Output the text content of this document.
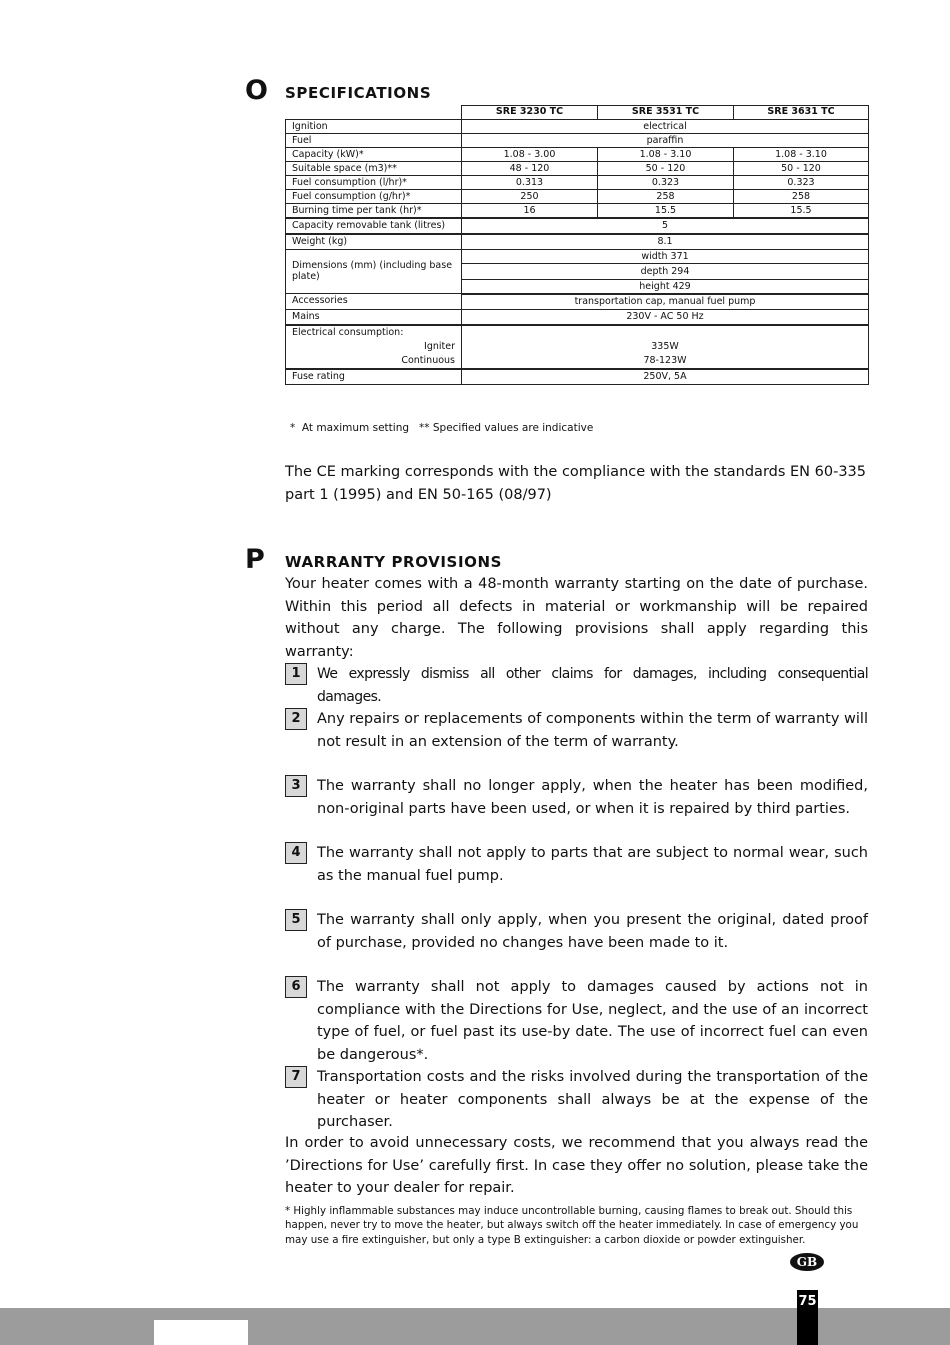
O SPECIFICATIONS
	SRE 3230 TC	SRE 3531 TC	SRE 3631 TC
Ignition	electrical		
Fuel	paraffin		
Capacity (kW)*	1.08 - 3.00	1.08 - 3.10	1.08 - 3.10
Suitable space (m3)**	48 - 120	50 - 120	50 - 120
Fuel consumption (l/hr)*	0.313	0.323	0.323
Fuel consumption (g/hr)*	250	258	258
Burning time per tank (hr)*	16	15.5	15.5
Capacity removable tank (litres)	5		
Weight (kg)	8.1		
Dimensions (mm) (including base plate)	width 371		
	depth 294		
	height 429		
Accessories	transportation cap, manual fuel pump		
Mains	230V - AC 50 Hz		
Electrical consumption:			
Igniter	335W		
Continuous	78-123W		
Fuse rating	250V, 5A		
*  At maximum setting   ** Specified values are indicative
The CE marking corresponds with the compliance with the standards EN 60-335 part 1 (1995) and EN 50-165 (08/97)
P WARRANTY PROVISIONS
Your heater comes with a 48-month warranty starting on the date of purchase. Within this period all defects in material or workmanship will be repaired without any charge. The following provisions shall apply regarding this warranty:
1	We expressly dismiss all other claims for damages, including consequential damages.
2	Any repairs or replacements of components within the term of warranty will not result in an extension of the term of warranty.
3	The warranty shall no longer apply, when the heater has been modified, non-original parts have been used, or when it is repaired by third parties.
4	The warranty shall not apply to parts that are subject to normal wear, such as the manual fuel pump.
5	The warranty shall only apply, when you present the original, dated proof of purchase, provided no changes have been made to it.
6	The warranty shall not apply to damages caused by actions not in compliance with the Directions for Use, neglect, and the use of an incorrect type of fuel, or fuel past its use-by date. The use of incorrect fuel can even be dangerous*.
7	Transportation costs and the risks involved during the transportation of the heater or heater components shall always be at the expense of the purchaser.
In order to avoid unnecessary costs, we recommend that you always read the ’Directions for Use’ carefully first. In case they offer no solution, please take the heater to your dealer for repair.
* Highly inflammable substances may induce uncontrollable burning, causing flames to break out. Should this happen, never try to move the heater, but always switch off the heater immediately. In case of emergency you may use a fire extinguisher, but only a type B extinguisher: a carbon dioxide or powder extinguisher.
GB
75
